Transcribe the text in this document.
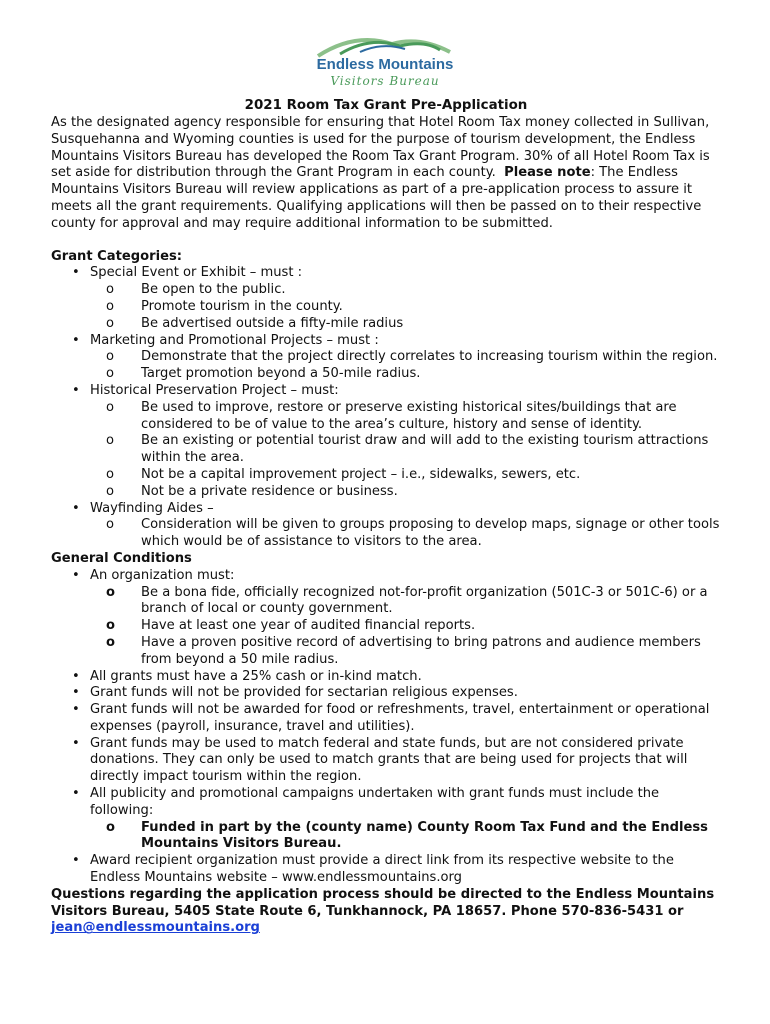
Endless Mountains
Visitors Bureau
2021 Room Tax Grant Pre-Application

As the designated agency responsible for ensuring that Hotel Room Tax money collected in Sullivan, Susquehanna and Wyoming counties is used for the purpose of tourism development, the Endless Mountains Visitors Bureau has developed the Room Tax Grant Program. 30% of all Hotel Room Tax is set aside for distribution through the Grant Program in each county. Please note: The Endless Mountains Visitors Bureau will review applications as part of a pre-application process to assure it meets all the grant requirements. Qualifying applications will then be passed on to their respective county for approval and may require additional information to be submitted.

Grant Categories:
• Special Event or Exhibit – must :
o Be open to the public.
o Promote tourism in the county.
o Be advertised outside a fifty-mile radius
• Marketing and Promotional Projects – must :
o Demonstrate that the project directly correlates to increasing tourism within the region.
o Target promotion beyond a 50-mile radius.
• Historical Preservation Project – must:
o Be used to improve, restore or preserve existing historical sites/buildings that are considered to be of value to the area’s culture, history and sense of identity.
o Be an existing or potential tourist draw and will add to the existing tourism attractions within the area.
o Not be a capital improvement project – i.e., sidewalks, sewers, etc.
o Not be a private residence or business.
• Wayfinding Aides –
o Consideration will be given to groups proposing to develop maps, signage or other tools which would be of assistance to visitors to the area.
General Conditions
• An organization must:
o Be a bona fide, officially recognized not-for-profit organization (501C-3 or 501C-6) or a branch of local or county government.
o Have at least one year of audited financial reports.
o Have a proven positive record of advertising to bring patrons and audience members from beyond a 50 mile radius.
• All grants must have a 25% cash or in-kind match.
• Grant funds will not be provided for sectarian religious expenses.
• Grant funds will not be awarded for food or refreshments, travel, entertainment or operational expenses (payroll, insurance, travel and utilities).
• Grant funds may be used to match federal and state funds, but are not considered private donations. They can only be used to match grants that are being used for projects that will directly impact tourism within the region.
• All publicity and promotional campaigns undertaken with grant funds must include the following:
o Funded in part by the (county name) County Room Tax Fund and the Endless Mountains Visitors Bureau.
• Award recipient organization must provide a direct link from its respective website to the Endless Mountains website – www.endlessmountains.org

Questions regarding the application process should be directed to the Endless Mountains Visitors Bureau, 5405 State Route 6, Tunkhannock, PA 18657. Phone 570-836-5431 or jean@endlessmountains.org
